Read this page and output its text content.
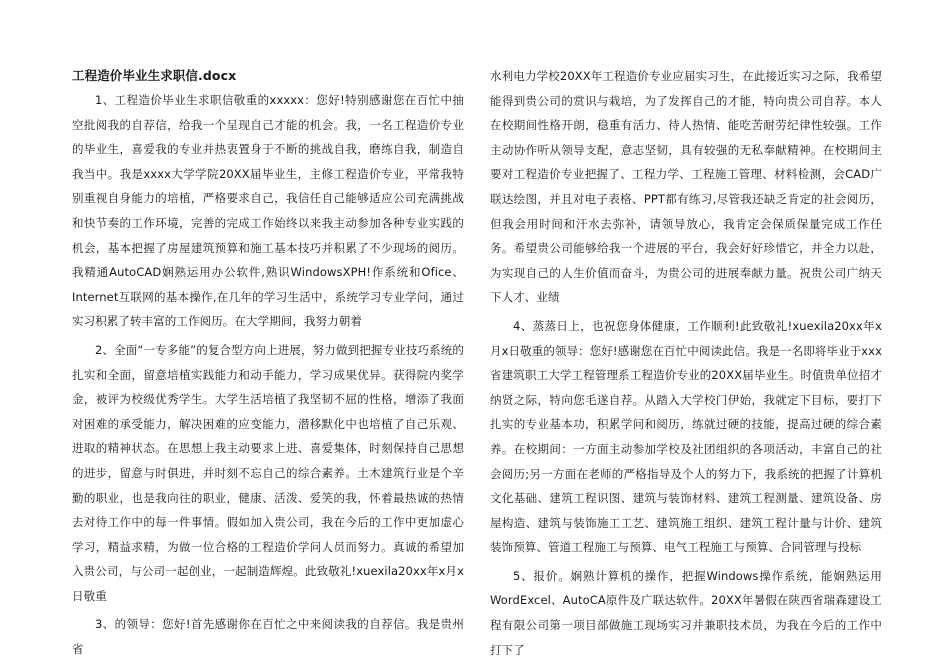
工程造价毕业生求职信.docx

1、工程造价毕业生求职信敬重的xxxxx：您好!特别感谢您在百忙中抽空批阅我的自荐信，给我一个呈现自己才能的机会。我，一名工程造价专业的毕业生，喜爱我的专业并热衷置身于不断的挑战自我，磨练自我，制造自我当中。我是xxxx大学学院20XX届毕业生，主修工程造价专业，平常我特别重视自身能力的培植，严格要求自己，我信任自己能够适应公司充满挑战和快节奏的工作环境，完善的完成工作始终以来我主动参加各种专业实践的机会，基本把握了房屋建筑预算和施工基本技巧并积累了不少现场的阅历。我精通AutoCAD娴熟运用办公软件,熟识WindowsXPH!作系统和Ofice、Internet互联网的基本操作,在几年的学习生活中，系统学习专业学问，通过实习积累了转丰富的工作阅历。在大学期间，我努力朝着

2、全面“一专多能”的复合型方向上进展，努力做到把握专业技巧系统的扎实和全面，留意培植实践能力和动手能力，学习成果优异。获得院内奖学金，被评为校级优秀学生。大学生活培植了我坚韧不屈的性格，增添了我面对困难的承受能力，解决困难的应变能力，潜移默化中也培植了自己乐观、进取的精神状态。在思想上我主动要求上进、喜爱集体，时刻保持自己思想的进步，留意与时俱进，并时刻不忘自己的综合素养。土木建筑行业是个辛勤的职业，也是我向往的职业，健康、活泼、爱笑的我，怀着最热诚的热情去对待工作中的每一件事情。假如加入贵公司，我在今后的工作中更加虚心学习，精益求精，为做一位合格的工程造价学问人员而努力。真诚的希望加入贵公司，与公司一起创业，一起制造辉煌。此致敬礼!xuexila20xx年x月x日敬重

3、的领导：您好!首先感谢你在百忙之中来阅读我的自荐信。我是贵州省

水利电力学校20XX年工程造价专业应届实习生，在此接近实习之际，我希望能得到贵公司的赏识与栽培，为了发挥自己的才能，特向贵公司自荐。本人在校期间性格开朗，稳重有活力、待人热情、能吃苦耐劳纪律性较强。工作主动协作听从领导支配，意志坚韧，具有较强的无私奉献精神。在校期间主要对工程造价专业把握了、工程力学、工程施工管理、材料检测，会CAD广联达绘图，并且对电子表格、PPT都有练习,尽管我还缺乏肯定的社会阅历，但我会用时间和汗水去弥补，请领导放心，我肯定会保质保量完成工作任务。希望贵公司能够给我一个进展的平台，我会好好珍惜它，并全力以赴，为实现自己的人生价值而奋斗，为贵公司的进展奉献力量。祝贵公司广纳天下人才、业绩

4、蒸蒸日上，也祝您身体健康，工作顺利!此致敬礼!xuexila20xx年x月x日敬重的领导：您好!感谢您在百忙中阅读此信。我是一名即将毕业于xxx省建筑职工大学工程管理系工程造价专业的20XX届毕业生。时值贵单位招才纳贤之际，特向您毛遂自荐。从踏入大学校门伊始，我就定下目标，要打下扎实的专业基本功，积累学问和阅历，练就过硬的技能，提高过硬的综合素养。在校期间：一方面主动参加学校及社团组织的各项活动，丰富自己的社会阅历;另一方面在老师的严格指导及个人的努力下，我系统的把握了计算机文化基础、建筑工程识图、建筑与装饰材料、建筑工程测量、建筑设备、房屋构造、建筑与装饰施工工艺、建筑施工组织、建筑工程计量与计价、建筑装饰预算、管道工程施工与预算、电气工程施工与预算、合同管理与投标

5、报价。娴熟计算机的操作，把握Windows操作系统，能娴熟运用WordExcel、AutoCA原件及广联达软件。20XX年暑假在陕西省瑞森建设工程有限公司第一项目部做施工现场实习并兼职技术员，为我在今后的工作中打下了
